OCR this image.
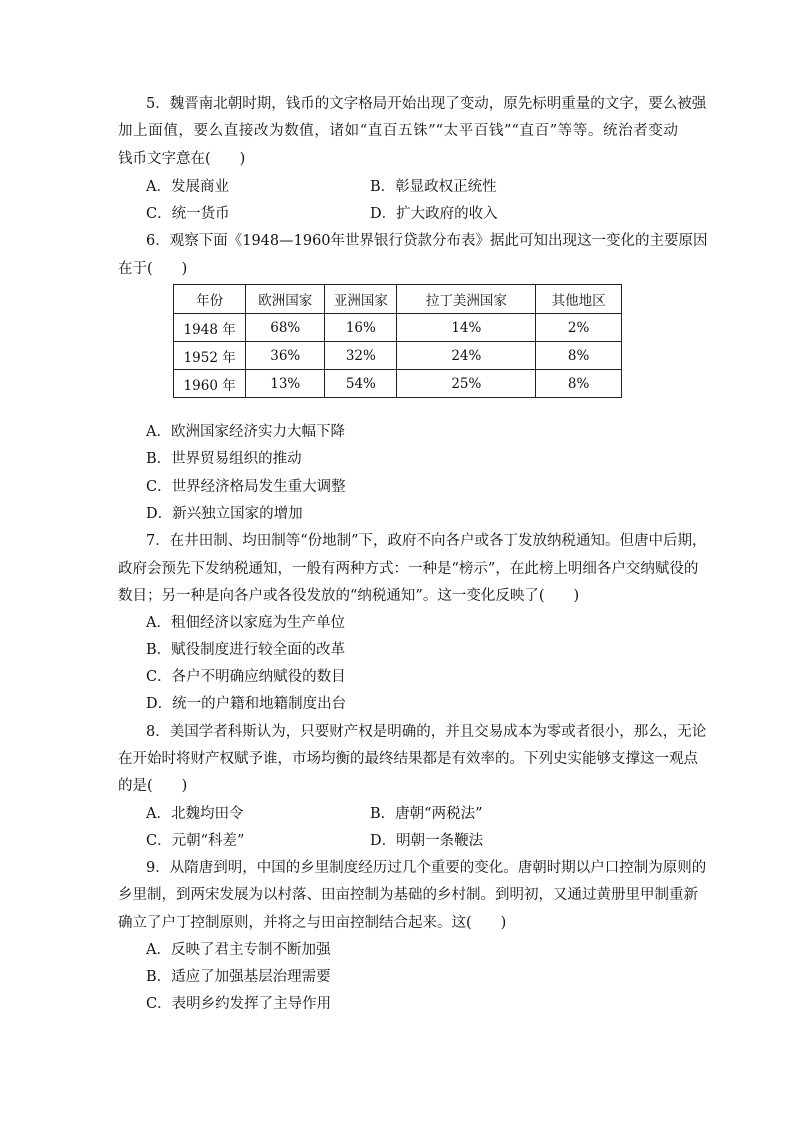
5．魏晋南北朝时期，钱币的文字格局开始出现了变动，原先标明重量的文字，要么被强
加上面值，要么直接改为数值，诸如“直百五铢”“太平百钱”“直百”等等。统治者变动
钱币文字意在(　　)
A．发展商业	B．彰显政权正统性
C．统一货币	D．扩大政府的收入
6．观察下面《1948—1960年世界银行贷款分布表》据此可知出现这一变化的主要原因
在于(　　)
年份	欧洲国家	亚洲国家	拉丁美洲国家	其他地区
1948 年	68%	16%	14%	2%
1952 年	36%	32%	24%	8%
1960 年	13%	54%	25%	8%
A．欧洲国家经济实力大幅下降
B．世界贸易组织的推动
C．世界经济格局发生重大调整
D．新兴独立国家的增加
7．在井田制、均田制等“份地制”下，政府不向各户或各丁发放纳税通知。但唐中后期，
政府会预先下发纳税通知，一般有两种方式：一种是“榜示”，在此榜上明细各户交纳赋役的
数目；另一种是向各户或各役发放的“纳税通知”。这一变化反映了(　　)
A．租佃经济以家庭为生产单位
B．赋役制度进行较全面的改革
C．各户不明确应纳赋役的数目
D．统一的户籍和地籍制度出台
8．美国学者科斯认为，只要财产权是明确的，并且交易成本为零或者很小，那么，无论
在开始时将财产权赋予谁，市场均衡的最终结果都是有效率的。下列史实能够支撑这一观点
的是(　　)
A．北魏均田令	B．唐朝“两税法”
C．元朝“科差”	D．明朝一条鞭法
9．从隋唐到明，中国的乡里制度经历过几个重要的变化。唐朝时期以户口控制为原则的
乡里制，到两宋发展为以村落、田亩控制为基础的乡村制。到明初，又通过黄册里甲制重新
确立了户丁控制原则，并将之与田亩控制结合起来。这(　　)
A．反映了君主专制不断加强
B．适应了加强基层治理需要
C．表明乡约发挥了主导作用
